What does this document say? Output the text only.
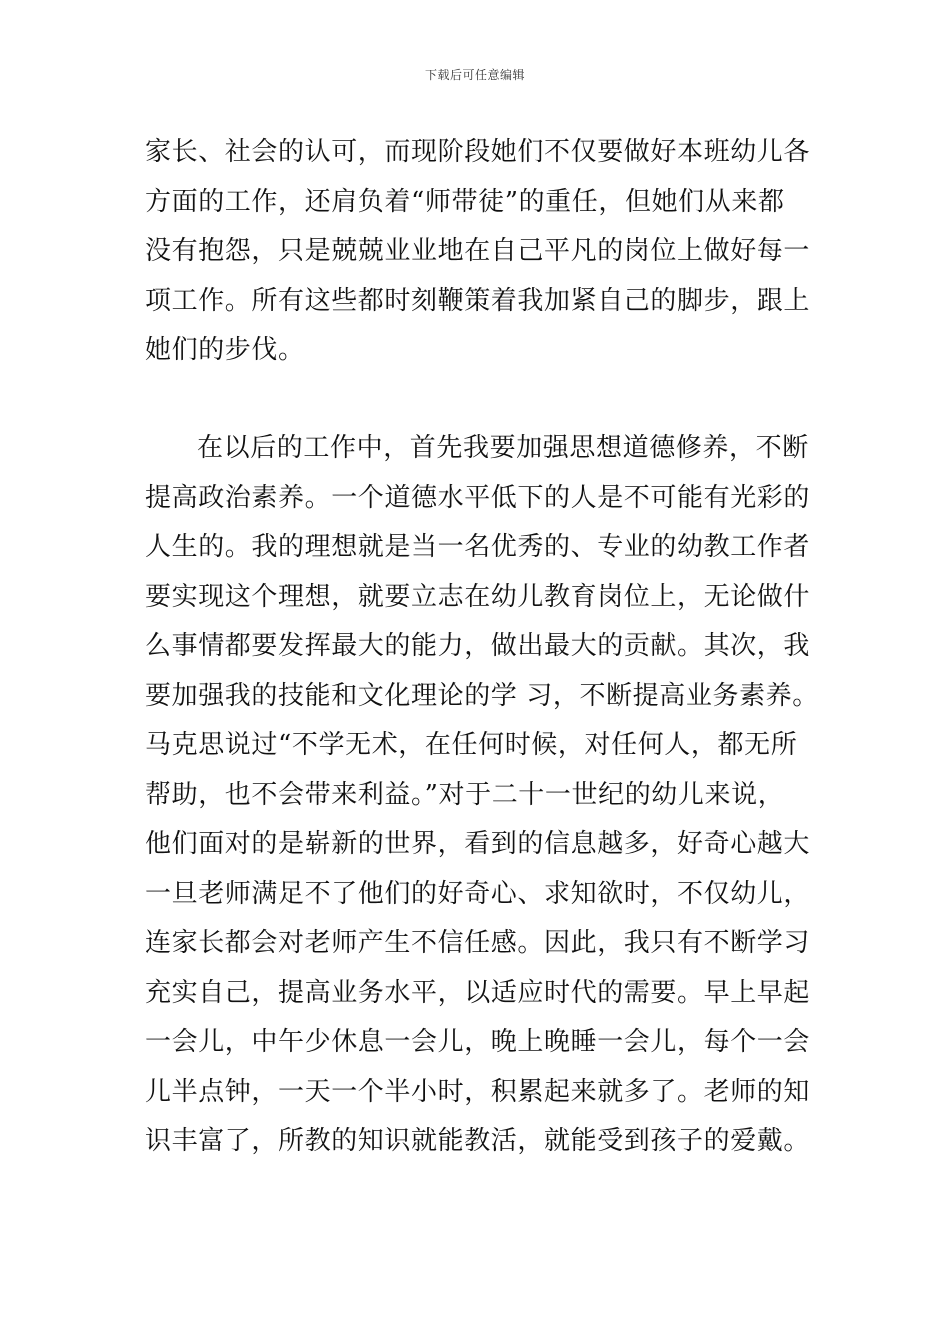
下载后可任意编辑
家长、社会的认可，而现阶段她们不仅要做好本班幼儿各
方面的工作，还肩负着“师带徒”的重任，但她们从来都
没有抱怨，只是兢兢业业地在自己平凡的岗位上做好每一
项工作。所有这些都时刻鞭策着我加紧自己的脚步，跟上
她们的步伐。
在以后的工作中，首先我要加强思想道德修养，不断
提高政治素养。一个道德水平低下的人是不可能有光彩的
人生的。我的理想就是当一名优秀的、专业的幼教工作者
要实现这个理想，就要立志在幼儿教育岗位上，无论做什
么事情都要发挥最大的能力，做出最大的贡献。其次，我
要加强我的技能和文化理论的学 习，不断提高业务素养。
马克思说过“不学无术，在任何时候，对任何人，都无所
帮助，也不会带来利益。”对于二十一世纪的幼儿来说，
他们面对的是崭新的世界，看到的信息越多，好奇心越大
一旦老师满足不了他们的好奇心、求知欲时，不仅幼儿，
连家长都会对老师产生不信任感。因此，我只有不断学习
充实自己，提高业务水平，以适应时代的需要。早上早起
一会儿，中午少休息一会儿，晚上晚睡一会儿，每个一会
儿半点钟，一天一个半小时，积累起来就多了。老师的知
识丰富了，所教的知识就能教活，就能受到孩子的爱戴。
